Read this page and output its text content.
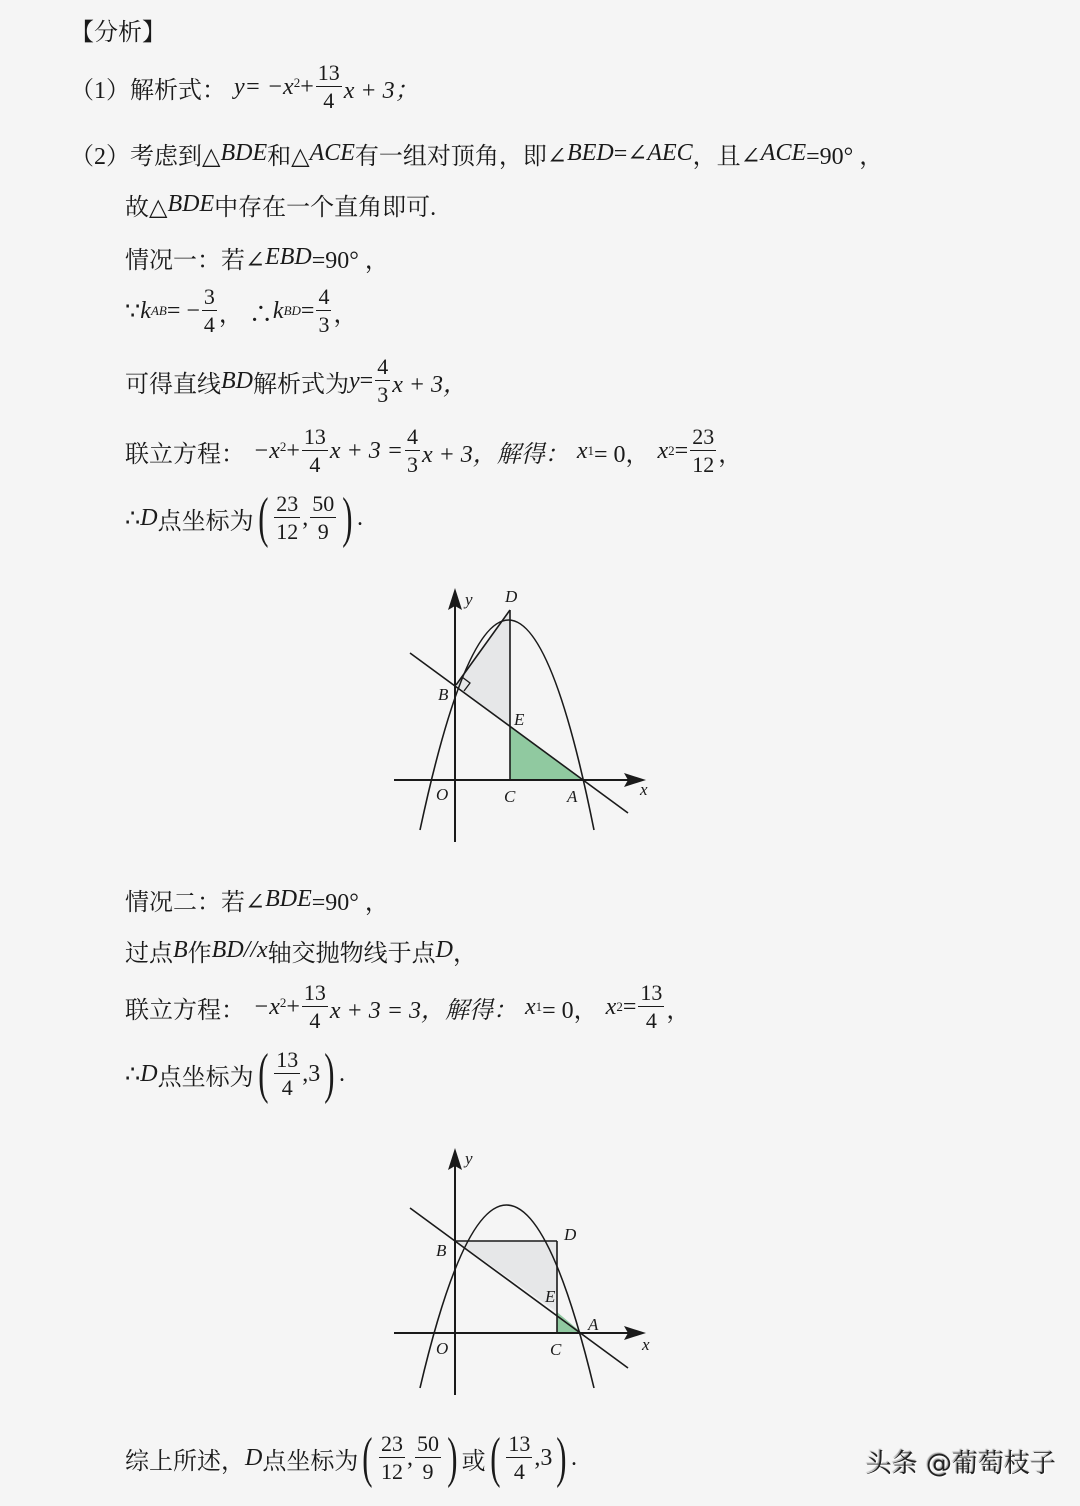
【分析】
（1）解析式： $y = -x^2 + \frac{13}{4}$ x + 3；
（2） 考虑到△ BDE 和△ ACE 有一组对顶角，即∠ BED =∠ AEC ，且∠ ACE =90° ，
故△ BDE 中存在一个直角即可.
情况一：若∠ EBD =90° ，
∵ k AB = − $\frac{3}{4}$ ， ∴ k BD = $\frac{4}{3}$ ，
可得直线 BD 解析式为 $y = \frac{4}{3}$ x + 3，
联立方程： $-x^2 + \frac{13}{4}$ $x + 3 = \frac{4}{3}$ x + 3，解得： x 1 = 0， x $2 = \frac{23}{12}$ ，
∴ D 点坐标为 ( $\frac{23}{12}$ , $\frac{50}{9}$ ) .
y
x
O
B
C	A
D
E
情况二：若∠ BDE =90° ，
过点 B 作 BD // x 轴交抛物线于点 D ，
联立方程： $-x^2 + \frac{13}{4}$ x + 3 = 3，解得： x 1 = 0， x $2 = \frac{13}{4}$ ，
∴ D 点坐标为 ( $\frac{13}{4} ,3$ ) .
y
x
O
B
C
A
D
E
综上所述， D 点坐标为 ( $\frac{23}{12}$ , $\frac{50}{9}$ ) 或 ( $\frac{13}{4} ,3$ ) .	头条 @葡萄枝子
